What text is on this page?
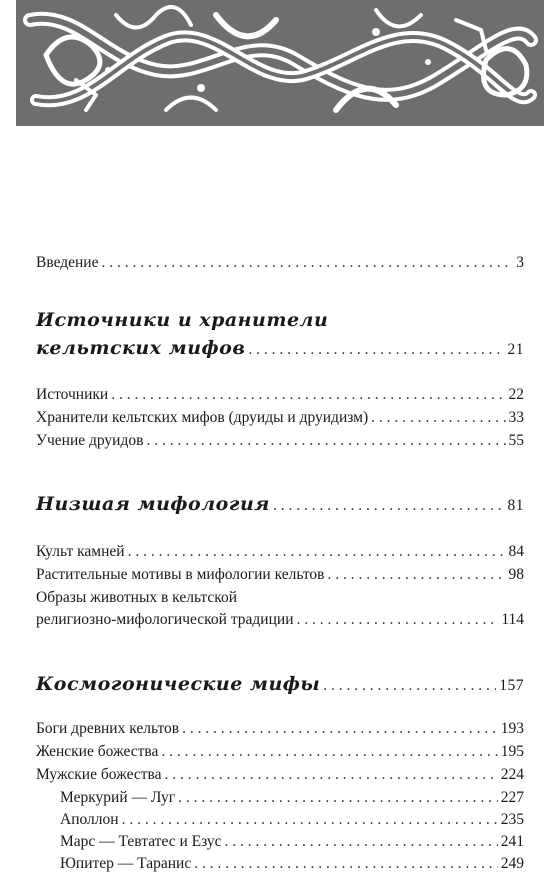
Введение . . .	3
Источники и хранители
кельтских мифов . . .	21
Источники . . .	22
Хранители кельтских мифов (друиды и друидизм) . . .	33
Учение друидов . . .	55
Низшая мифология . . .	81
Культ камней . . .	84
Растительные мотивы в мифологии кельтов . . .	98
Образы животных в кельтской
религиозно-мифологической традиции . . .	114
Космогонические мифы . . .	157
Боги древних кельтов . . .	193
Женские божества . . .	195
Мужские божества . . .	224
Меркурий — Луг . . .	227
Аполлон . . .	235
Марс — Тевтатес и Езус . . .	241
Юпитер — Таранис . . .	249
